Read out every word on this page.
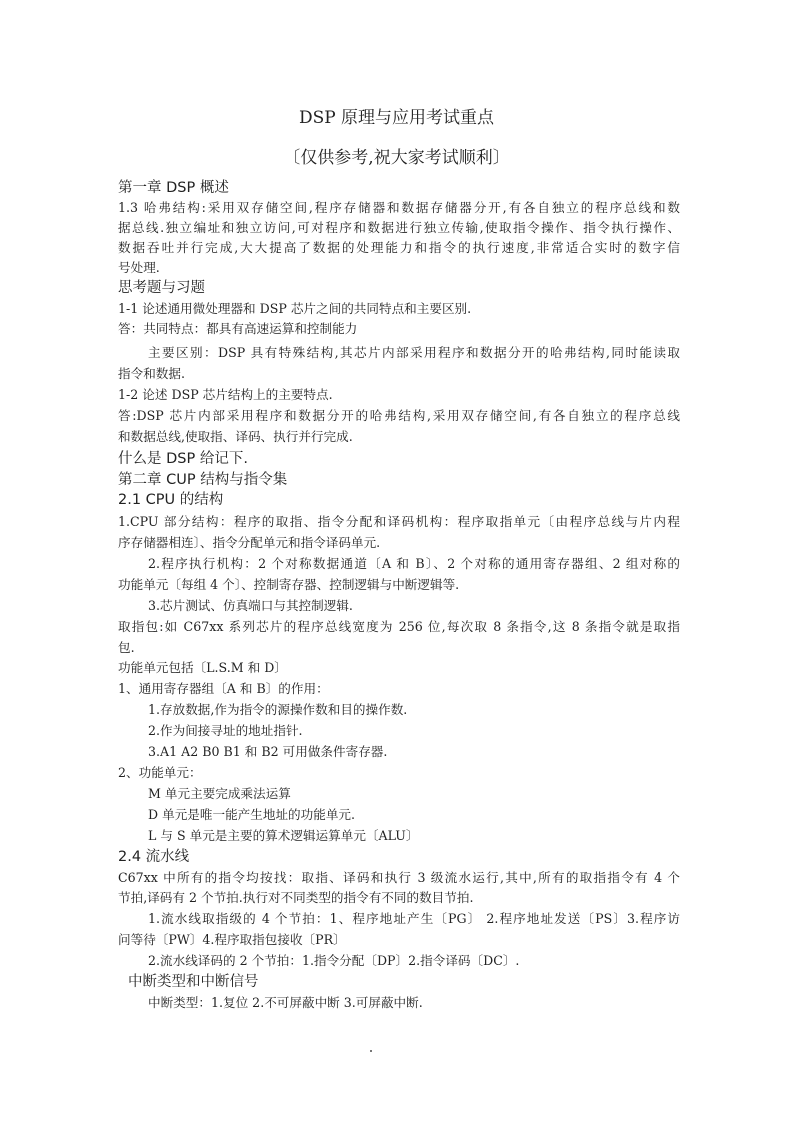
DSP 原理与应用考试重点
〔仅供参考,祝大家考试顺利〕
第一章 DSP 概述
1.3 哈弗结构:采用双存储空间,程序存储器和数据存储器分开,有各自独立的程序总线和数
据总线.独立编址和独立访问,可对程序和数据进行独立传输,使取指令操作、指令执行操作、
数据吞吐并行完成,大大提高了数据的处理能力和指令的执行速度,非常适合实时的数字信
号处理.
思考题与习题
1-1 论述通用微处理器和 DSP 芯片之间的共同特点和主要区别.
答：共同特点：都具有高速运算和控制能力
主要区别：DSP 具有特殊结构,其芯片内部采用程序和数据分开的哈弗结构,同时能读取
指令和数据.
1-2 论述 DSP 芯片结构上的主要特点.
答:DSP 芯片内部采用程序和数据分开的哈弗结构,采用双存储空间,有各自独立的程序总线
和数据总线,使取指、译码、执行并行完成.
什么是 DSP 给记下.
第二章 CUP 结构与指令集
2.1 CPU 的结构
1.CPU 部分结构：程序的取指、指令分配和译码机构：程序取指单元〔由程序总线与片内程
序存储器相连〕、指令分配单元和指令译码单元.
2.程序执行机构：2 个对称数据通道〔A 和 B〕、2 个对称的通用寄存器组、2 组对称的
功能单元〔每组 4 个〕、控制寄存器、控制逻辑与中断逻辑等.
3.芯片测试、仿真端口与其控制逻辑.
取指包:如 C67xx 系列芯片的程序总线宽度为 256 位,每次取 8 条指令,这 8 条指令就是取指
包.
功能单元包括〔L.S.M 和 D〕
1、通用寄存器组〔A 和 B〕的作用：
1.存放数据,作为指令的源操作数和目的操作数.
2.作为间接寻址的地址指针.
3.A1 A2 B0 B1 和 B2 可用做条件寄存器.
2、功能单元：
M 单元主要完成乘法运算
D 单元是唯一能产生地址的功能单元.
L 与 S 单元是主要的算术逻辑运算单元〔ALU〕
2.4 流水线
C67xx 中所有的指令均按找：取指、译码和执行 3 级流水运行,其中,所有的取指指令有 4 个
节拍,译码有 2 个节拍.执行对不同类型的指令有不同的数目节拍.
1.流水线取指级的 4 个节拍：1、程序地址产生〔PG〕 2.程序地址发送〔PS〕3.程序访
问等待〔PW〕4.程序取指包接收〔PR〕
2.流水线译码的 2 个节拍：1.指令分配〔DP〕2.指令译码〔DC〕.
中断类型和中断信号
中断类型：1.复位 2.不可屏蔽中断 3.可屏蔽中断.
